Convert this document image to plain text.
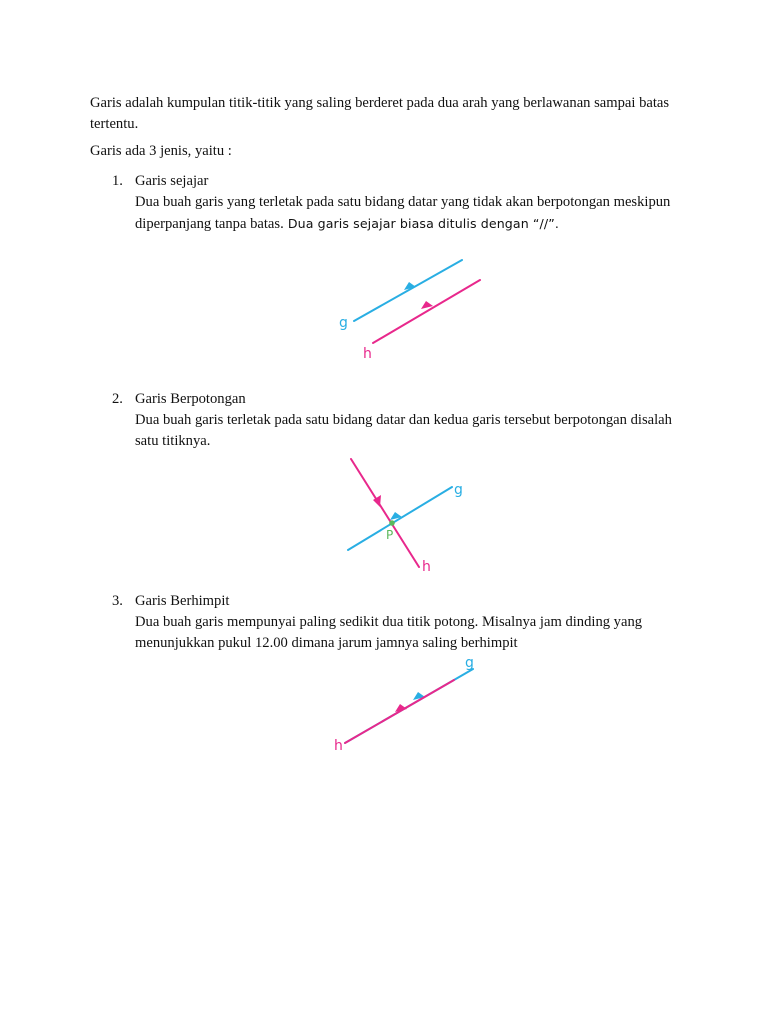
Garis adalah kumpulan titik-titik yang saling berderet pada dua arah yang berlawanan sampai batas tertentu.

Garis ada 3 jenis, yaitu :

1. Garis sejajar

Dua buah garis yang terletak pada satu bidang datar yang tidak akan berpotongan meskipun diperpanjang tanpa batas. Dua garis sejajar biasa ditulis dengan “//”.

g
h
2. Garis Berpotongan

Dua buah garis terletak pada satu bidang datar dan kedua garis tersebut berpotongan disalah satu titiknya.

g
h
P
3. Garis Berhimpit

Dua buah garis mempunyai paling sedikit dua titik potong. Misalnya jam dinding yang menunjukkan pukul 12.00 dimana jarum jamnya saling berhimpit

g
h
